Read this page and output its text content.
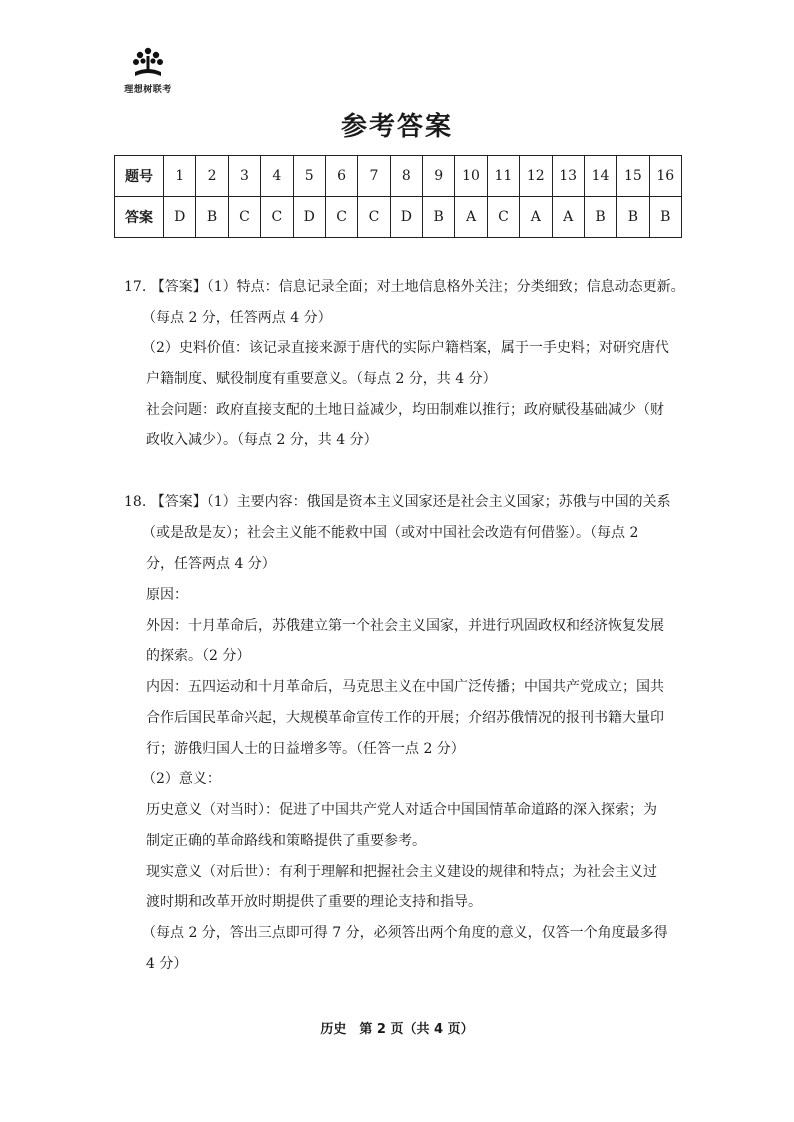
理想树联考
参考答案
题号	1	2	3	4	5	6	7	8	9	10	11	12	13	14	15	16
答案	D	B	C	C	D	C	C	D	B	A	C	A	A	B	B	B
17. 【答案】（1）特点：信息记录全面；对土地信息格外关注；分类细致；信息动态更新。
（每点 2 分，任答两点 4 分）
（2）史料价值：该记录直接来源于唐代的实际户籍档案，属于一手史料；对研究唐代
户籍制度、赋役制度有重要意义。（每点 2 分，共 4 分）
社会问题：政府直接支配的土地日益减少，均田制难以推行；政府赋役基础减少（财
政收入减少）。（每点 2 分，共 4 分）
18. 【答案】（1）主要内容：俄国是资本主义国家还是社会主义国家；苏俄与中国的关系
（或是敌是友）；社会主义能不能救中国（或对中国社会改造有何借鉴）。（每点 2
分，任答两点 4 分）
原因：
外因：十月革命后，苏俄建立第一个社会主义国家，并进行巩固政权和经济恢复发展
的探索。（2 分）
内因：五四运动和十月革命后，马克思主义在中国广泛传播；中国共产党成立；国共
合作后国民革命兴起，大规模革命宣传工作的开展；介绍苏俄情况的报刊书籍大量印
行；游俄归国人士的日益增多等。（任答一点 2 分）
（2）意义：
历史意义（对当时）：促进了中国共产党人对适合中国国情革命道路的深入探索；为
制定正确的革命路线和策略提供了重要参考。
现实意义（对后世）：有利于理解和把握社会主义建设的规律和特点；为社会主义过
渡时期和改革开放时期提供了重要的理论支持和指导。
（每点 2 分，答出三点即可得 7 分，必须答出两个角度的意义，仅答一个角度最多得
4 分）
历史　第 2 页（共 4 页）
